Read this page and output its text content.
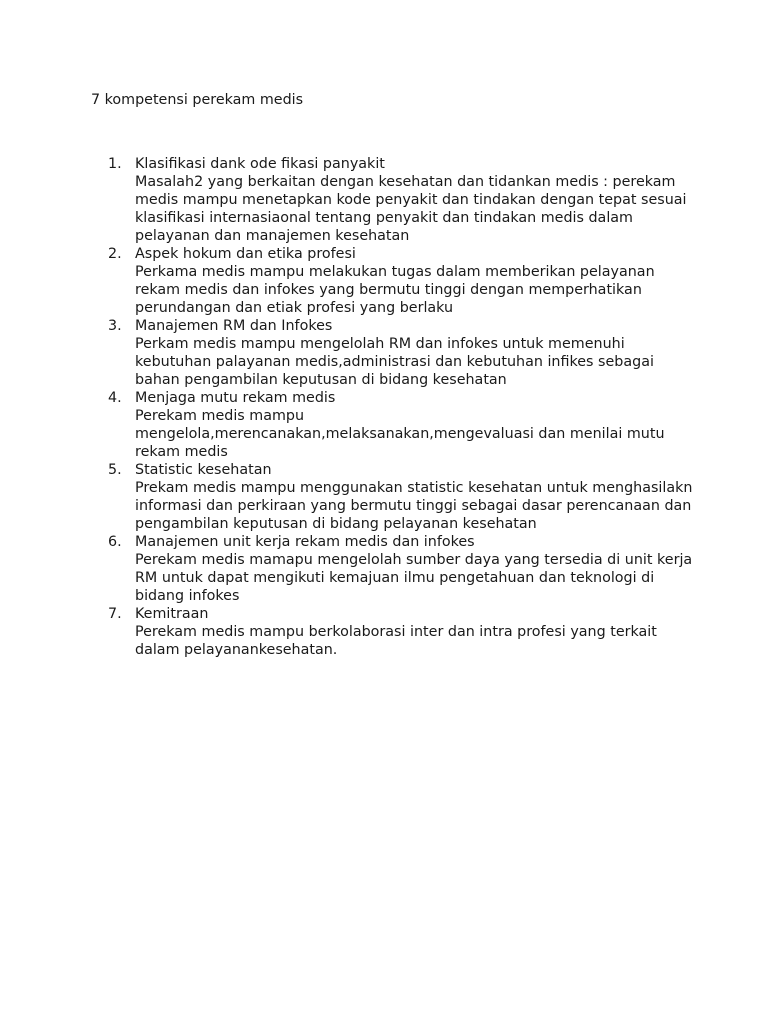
7 kompetensi perekam medis
1. Klasifikasi dank ode fikasi panyakit
Masalah2 yang berkaitan dengan kesehatan dan tidankan medis : perekam
medis mampu menetapkan kode penyakit dan tindakan dengan tepat sesuai
klasifikasi internasiaonal tentang penyakit dan tindakan medis dalam
pelayanan dan manajemen kesehatan
2. Aspek hokum dan etika profesi
Perkama medis mampu melakukan tugas dalam memberikan pelayanan
rekam medis dan infokes yang bermutu tinggi dengan memperhatikan
perundangan dan etiak profesi yang berlaku
3. Manajemen RM dan Infokes
Perkam medis mampu mengelolah RM dan infokes untuk memenuhi
kebutuhan palayanan medis,administrasi dan kebutuhan infikes sebagai
bahan pengambilan keputusan di bidang kesehatan
4. Menjaga mutu rekam medis
Perekam medis mampu
mengelola,merencanakan,melaksanakan,mengevaluasi dan menilai mutu
rekam medis
5. Statistic kesehatan
Prekam medis mampu menggunakan statistic kesehatan untuk menghasilakn
informasi dan perkiraan yang bermutu tinggi sebagai dasar perencanaan dan
pengambilan keputusan di bidang pelayanan kesehatan
6. Manajemen unit kerja rekam medis dan infokes
Perekam medis mamapu mengelolah sumber daya yang tersedia di unit kerja
RM untuk dapat mengikuti kemajuan ilmu pengetahuan dan teknologi di
bidang infokes
7. Kemitraan
Perekam medis mampu berkolaborasi inter dan intra profesi yang terkait
dalam pelayanankesehatan.
